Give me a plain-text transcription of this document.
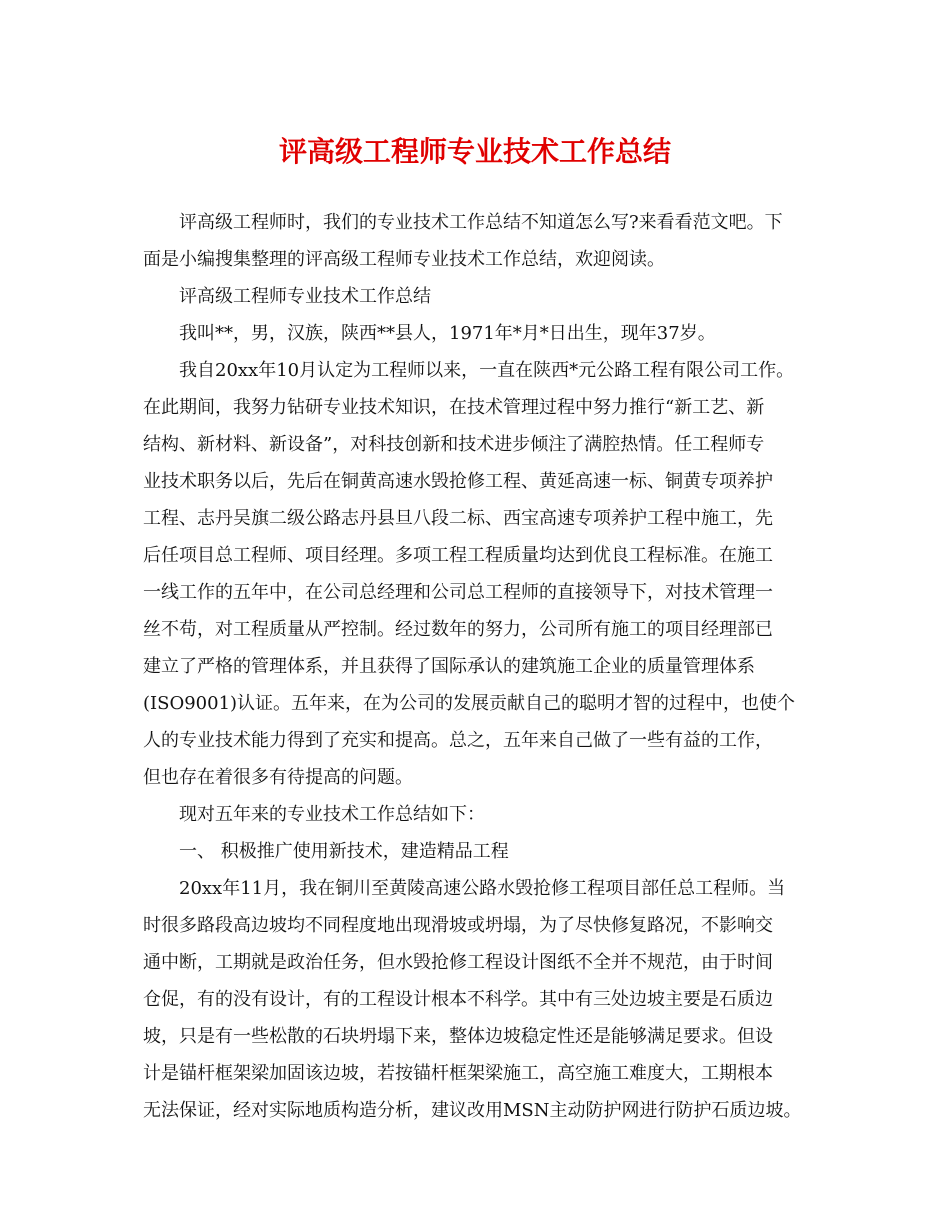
评高级工程师专业技术工作总结
评高级工程师时，我们的专业技术工作总结不知道怎么写?来看看范文吧。下
面是小编搜集整理的评高级工程师专业技术工作总结，欢迎阅读。
评高级工程师专业技术工作总结
我叫**，男，汉族，陕西**县人，1971年*月*日出生，现年37岁。
我自20xx年10月认定为工程师以来，一直在陕西*元公路工程有限公司工作。
在此期间，我努力钻研专业技术知识，在技术管理过程中努力推行“新工艺、新
结构、新材料、新设备”，对科技创新和技术进步倾注了满腔热情。任工程师专
业技术职务以后，先后在铜黄高速水毁抢修工程、黄延高速一标、铜黄专项养护
工程、志丹吴旗二级公路志丹县旦八段二标、西宝高速专项养护工程中施工，先
后任项目总工程师、项目经理。多项工程工程质量均达到优良工程标准。在施工
一线工作的五年中，在公司总经理和公司总工程师的直接领导下，对技术管理一
丝不苟，对工程质量从严控制。经过数年的努力，公司所有施工的项目经理部已
建立了严格的管理体系，并且获得了国际承认的建筑施工企业的质量管理体系
(ISO9001)认证。五年来，在为公司的发展贡献自己的聪明才智的过程中，也使个
人的专业技术能力得到了充实和提高。总之，五年来自己做了一些有益的工作，
但也存在着很多有待提高的问题。
现对五年来的专业技术工作总结如下：
一、 积极推广使用新技术，建造精品工程
20xx年11月，我在铜川至黄陵高速公路水毁抢修工程项目部任总工程师。当
时很多路段高边坡均不同程度地出现滑坡或坍塌，为了尽快修复路况，不影响交
通中断，工期就是政治任务，但水毁抢修工程设计图纸不全并不规范，由于时间
仓促，有的没有设计，有的工程设计根本不科学。其中有三处边坡主要是石质边
坡，只是有一些松散的石块坍塌下来，整体边坡稳定性还是能够满足要求。但设
计是锚杆框架梁加固该边坡，若按锚杆框架梁施工，高空施工难度大，工期根本
无法保证，经对实际地质构造分析，建议改用MSN主动防护网进行防护石质边坡。
